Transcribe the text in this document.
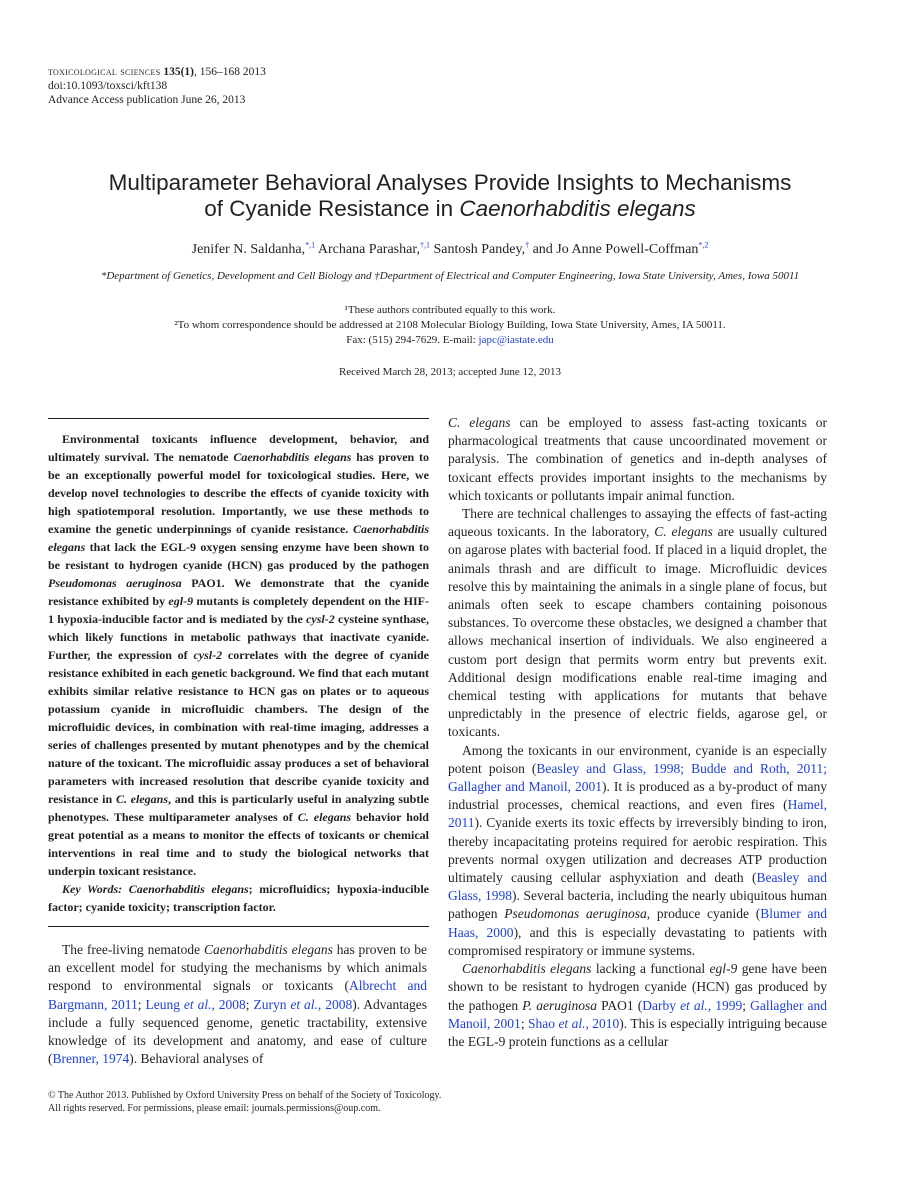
toxicological sciences 135(1), 156–168 2013
doi:10.1093/toxsci/kft138
Advance Access publication June 26, 2013
Multiparameter Behavioral Analyses Provide Insights to Mechanisms
of Cyanide Resistance in Caenorhabditis elegans
Jenifer N. Saldanha,$^{*,1}$ Archana Parashar,$^{\dagger,1}$ Santosh Pandey,† and Jo Anne Powell-Coffman$^{*,2}$
*Department of Genetics, Development and Cell Biology and †Department of Electrical and Computer Engineering, Iowa State University, Ames, Iowa 50011
¹These authors contributed equally to this work.
²To whom correspondence should be addressed at 2108 Molecular Biology Building, Iowa State University, Ames, IA 50011.
Fax: (515) 294-7629. E-mail: japc@iastate.edu
Received March 28, 2013; accepted June 12, 2013

Environmental toxicants influence development, behavior, and ultimately survival. The nematode Caenorhabditis elegans has proven to be an exceptionally powerful model for toxicological studies. Here, we develop novel technologies to describe the effects of cyanide toxicity with high spatiotemporal resolution. Importantly, we use these methods to examine the genetic underpinnings of cyanide resistance. Caenorhabditis elegans that lack the EGL-9 oxygen sensing enzyme have been shown to be resistant to hydrogen cyanide (HCN) gas produced by the pathogen Pseudomonas aeruginosa PAO1. We demonstrate that the cyanide resistance exhibited by egl-9 mutants is completely dependent on the HIF-1 hypoxia-inducible factor and is mediated by the cysl-2 cysteine synthase, which likely functions in metabolic pathways that inactivate cyanide. Further, the expression of cysl-2 correlates with the degree of cyanide resistance exhibited in each genetic background. We find that each mutant exhibits similar relative resistance to HCN gas on plates or to aqueous potassium cyanide in microfluidic chambers. The design of the microfluidic devices, in combination with real-time imaging, addresses a series of challenges presented by mutant phenotypes and by the chemical nature of the toxicant. The microfluidic assay produces a set of behavioral parameters with increased resolution that describe cyanide toxicity and resistance in C. elegans, and this is particularly useful in analyzing subtle phenotypes. These multiparameter analyses of C. elegans behavior hold great potential as a means to monitor the effects of toxicants or chemical interventions in real time and to study the biological networks that underpin toxicant resistance.

Key Words: Caenorhabditis elegans; microfluidics; hypoxia-inducible factor; cyanide toxicity; transcription factor.

The free-living nematode Caenorhabditis elegans has proven to be an excellent model for studying the mechanisms by which animals respond to environmental signals or toxicants (Albrecht and Bargmann, 2011; Leung et al., 2008; Zuryn et al., 2008). Advantages include a fully sequenced genome, genetic tractability, extensive knowledge of its development and anatomy, and ease of culture (Brenner, 1974). Behavioral analyses of

C. elegans can be employed to assess fast-acting toxicants or pharmacological treatments that cause uncoordinated movement or paralysis. The combination of genetics and in-depth analyses of toxicant effects provides important insights to the mechanisms by which toxicants or pollutants impair animal function.

There are technical challenges to assaying the effects of fast-acting aqueous toxicants. In the laboratory, C. elegans are usually cultured on agarose plates with bacterial food. If placed in a liquid droplet, the animals thrash and are difficult to image. Microfluidic devices resolve this by maintaining the animals in a single plane of focus, but animals often seek to escape chambers containing poisonous substances. To overcome these obstacles, we designed a chamber that allows mechanical insertion of individuals. We also engineered a custom port design that permits worm entry but prevents exit. Additional design modifications enable real-time imaging and chemical testing with applications for mutants that behave unpredictably in the presence of electric fields, agarose gel, or toxicants.

Among the toxicants in our environment, cyanide is an especially potent poison (Beasley and Glass, 1998; Budde and Roth, 2011; Gallagher and Manoil, 2001). It is produced as a by-product of many industrial processes, chemical reactions, and even fires (Hamel, 2011). Cyanide exerts its toxic effects by irreversibly binding to iron, thereby incapacitating proteins required for aerobic respiration. This prevents normal oxygen utilization and decreases ATP production ultimately causing cellular asphyxiation and death (Beasley and Glass, 1998). Several bacteria, including the nearly ubiquitous human pathogen Pseudomonas aeruginosa, produce cyanide (Blumer and Haas, 2000), and this is especially devastating to patients with compromised respiratory or immune systems.

Caenorhabditis elegans lacking a functional egl-9 gene have been shown to be resistant to hydrogen cyanide (HCN) gas produced by the pathogen P. aeruginosa PAO1 (Darby et al., 1999; Gallagher and Manoil, 2001; Shao et al., 2010). This is especially intriguing because the EGL-9 protein functions as a cellular

© The Author 2013. Published by Oxford University Press on behalf of the Society of Toxicology.
All rights reserved. For permissions, please email: journals.permissions@oup.com.
